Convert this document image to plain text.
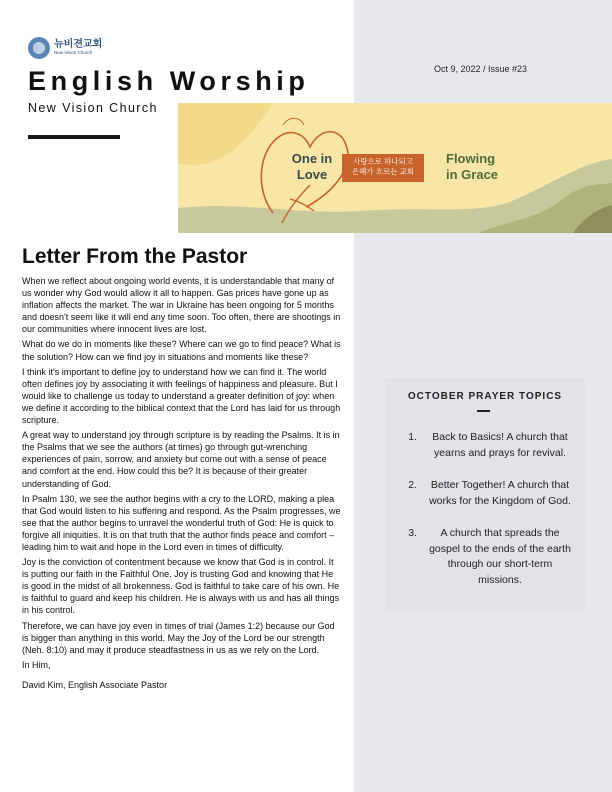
뉴비젼교회
New Vision Church
English Worship
New Vision Church
Oct 9, 2022 / Issue #23
One in Love
사랑으로 하나되고
은혜가 흐르는 교회
Flowing in Grace
Letter From the Pastor

When we reflect about ongoing world events, it is understandable that many of us wonder why God would allow it all to happen. Gas prices have gone up as inflation affects the market. The war in Ukraine has been ongoing for 5 months and doesn't seem like it will end any time soon. Too often, there are shootings in our communities where innocent lives are lost.

What do we do in moments like these? Where can we go to find peace? What is the solution? How can we find joy in situations and moments like these?

I think it's important to define joy to understand how we can find it. The world often defines joy by associating it with feelings of happiness and pleasure. But I would like to challenge us today to understand a greater definition of joy: when we define it according to the biblical context that the Lord has laid for us through scripture.

A great way to understand joy through scripture is by reading the Psalms. It is in the Psalms that we see the authors (at times) go through gut-wrenching experiences of pain, sorrow, and anxiety but come out with a sense of peace and comfort at the end. How could this be? It is because of their greater understanding of God.

In Psalm 130, we see the author begins with a cry to the LORD, making a plea that God would listen to his suffering and respond. As the Psalm progresses, we see that the author begins to unravel the wonderful truth of God: He is quick to forgive all iniquities. It is on that truth that the author finds peace and comfort – leading him to wait and hope in the Lord even in times of difficulty.

Joy is the conviction of contentment because we know that God is in control. It is putting our faith in the Faithful One. Joy is trusting God and knowing that He is good in the midst of all brokenness. God is faithful to take care of his own. He is faithful to guard and keep his children. He is always with us and has all things in his control.

Therefore, we can have joy even in times of trial (James 1:2) because our God is bigger than anything in this world. May the Joy of the Lord be our strength (Neh. 8:10) and may it produce steadfastness in us as we rely on the Lord.

In Him,

David Kim, English Associate Pastor

OCTOBER PRAYER TOPICS
1.	Back to Basics! A church that yearns and prays for revival.
2.	Better Together! A church that works for the Kingdom of God.
3.	A church that spreads the gospel to the ends of the earth through our short-term missions.
